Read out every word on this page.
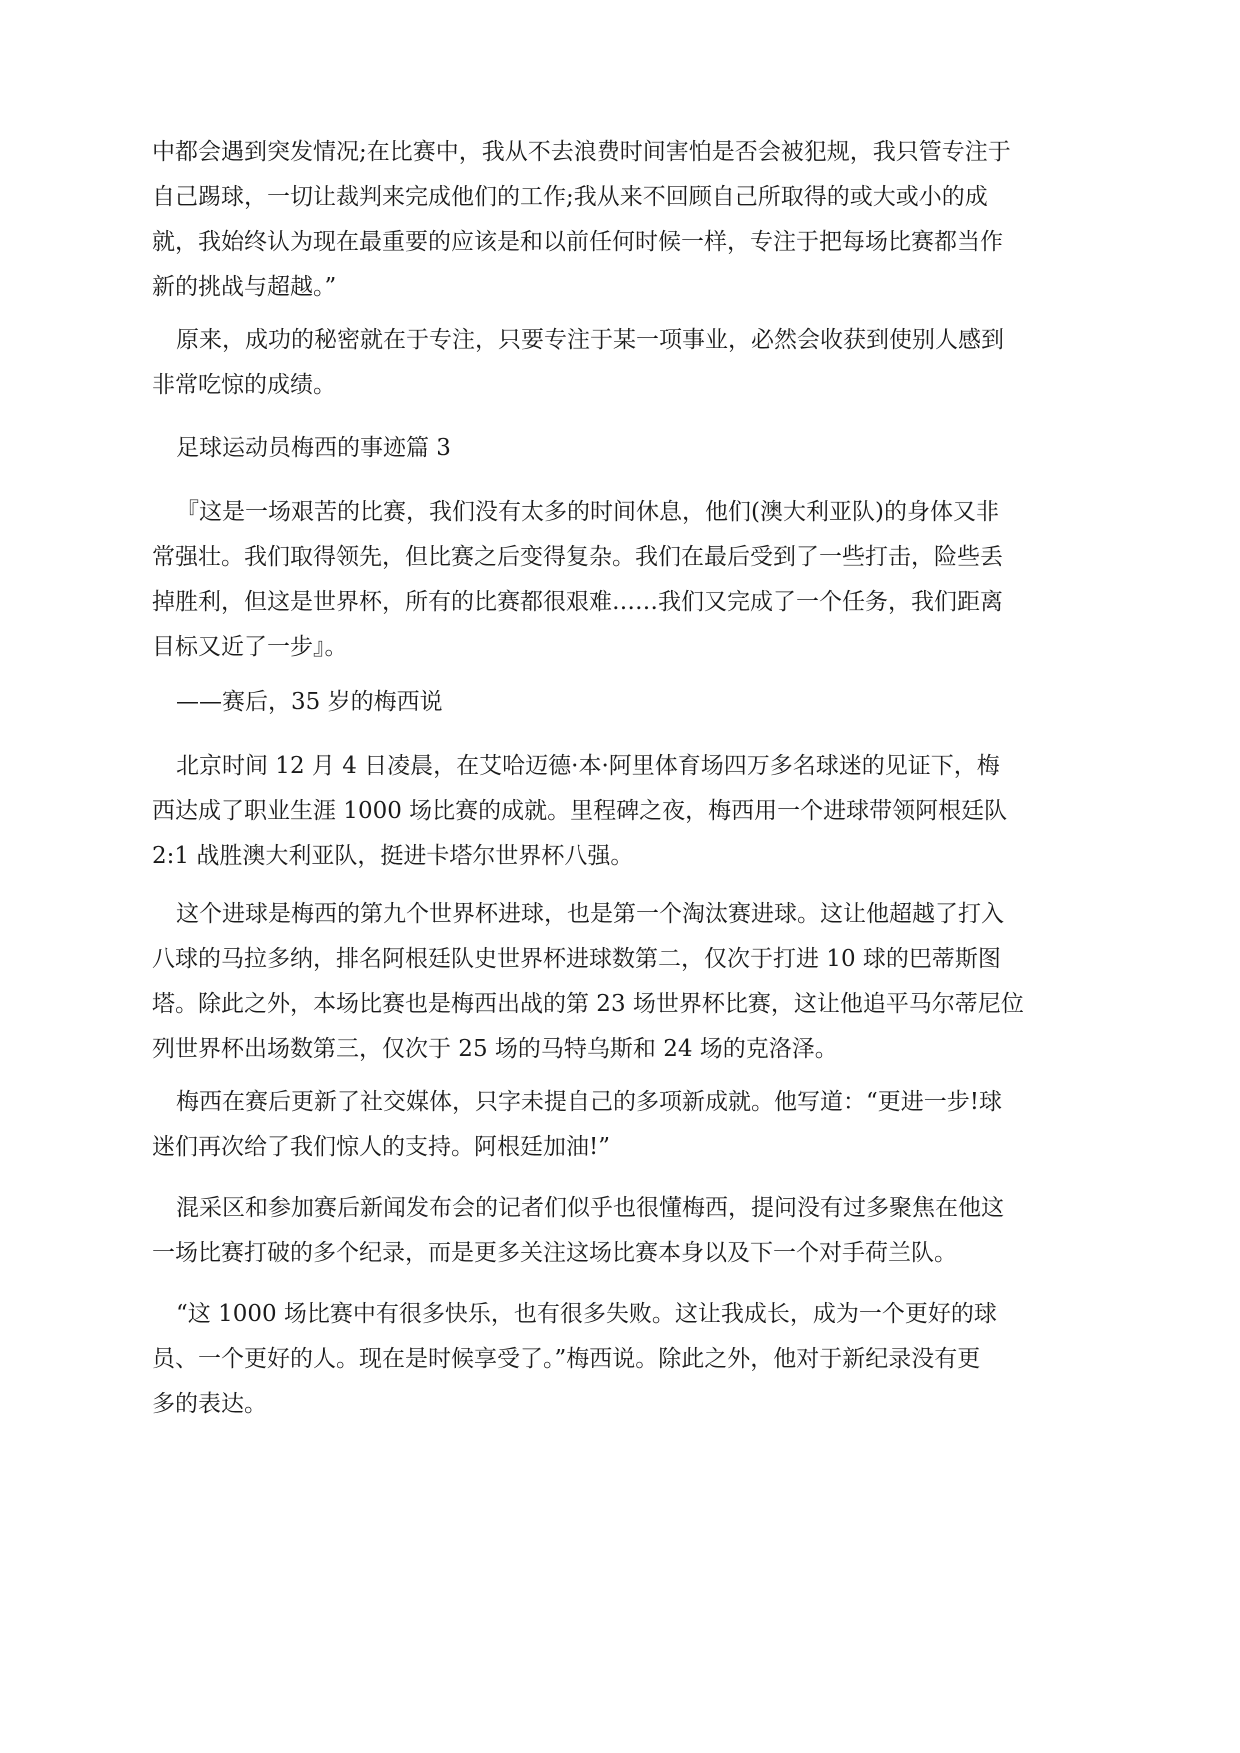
中都会遇到突发情况;在比赛中，我从不去浪费时间害怕是否会被犯规，我只管专注于
自己踢球，一切让裁判来完成他们的工作;我从来不回顾自己所取得的或大或小的成
就，我始终认为现在最重要的应该是和以前任何时候一样，专注于把每场比赛都当作
新的挑战与超越。”

原来，成功的秘密就在于专注，只要专注于某一项事业，必然会收获到使别人感到
非常吃惊的成绩。

足球运动员梅西的事迹篇 3

『这是一场艰苦的比赛，我们没有太多的时间休息，他们(澳大利亚队)的身体又非
常强壮。我们取得领先，但比赛之后变得复杂。我们在最后受到了一些打击，险些丢
掉胜利，但这是世界杯，所有的比赛都很艰难……我们又完成了一个任务，我们距离
目标又近了一步』。

——赛后，35 岁的梅西说

北京时间 12 月 4 日凌晨，在艾哈迈德·本·阿里体育场四万多名球迷的见证下，梅
西达成了职业生涯 1000 场比赛的成就。里程碑之夜，梅西用一个进球带领阿根廷队
2:1 战胜澳大利亚队，挺进卡塔尔世界杯八强。

这个进球是梅西的第九个世界杯进球，也是第一个淘汰赛进球。这让他超越了打入
八球的马拉多纳，排名阿根廷队史世界杯进球数第二，仅次于打进 10 球的巴蒂斯图
塔。除此之外，本场比赛也是梅西出战的第 23 场世界杯比赛，这让他追平马尔蒂尼位
列世界杯出场数第三，仅次于 25 场的马特乌斯和 24 场的克洛泽。

梅西在赛后更新了社交媒体，只字未提自己的多项新成就。他写道：“更进一步!球
迷们再次给了我们惊人的支持。阿根廷加油!”

混采区和参加赛后新闻发布会的记者们似乎也很懂梅西，提问没有过多聚焦在他这
一场比赛打破的多个纪录，而是更多关注这场比赛本身以及下一个对手荷兰队。

“这 1000 场比赛中有很多快乐，也有很多失败。这让我成长，成为一个更好的球
员、一个更好的人。现在是时候享受了。”梅西说。除此之外，他对于新纪录没有更
多的表达。
